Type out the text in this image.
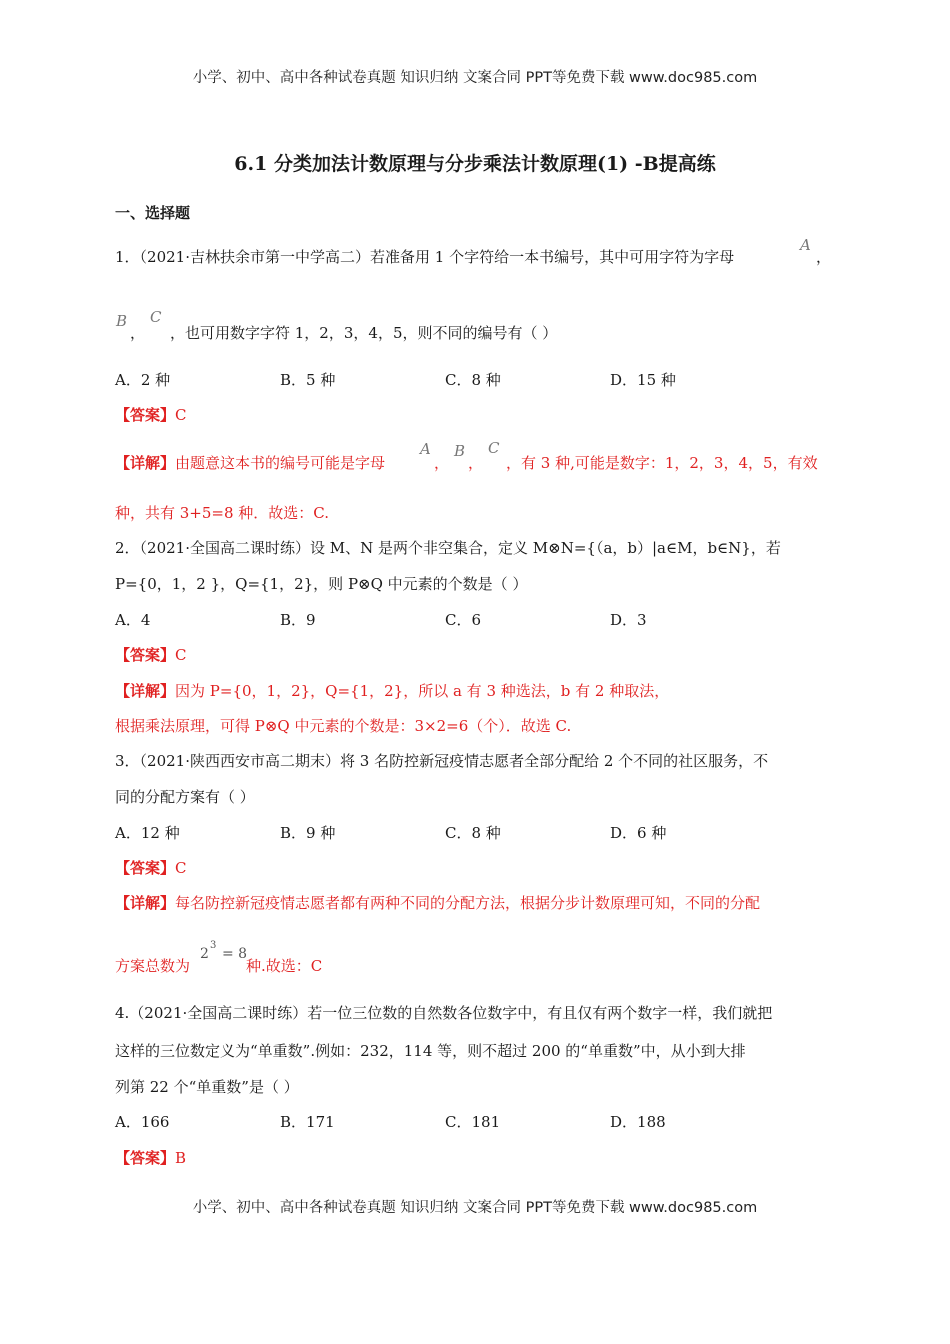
小学、初中、高中各种试卷真题 知识归纳 文案合同 PPT等免费下载 www.doc985.com
6.1 分类加法计数原理与分步乘法计数原理(1) -B提高练
一、选择题
1．（2021·吉林扶余市第一中学高二）若准备用 1 个字符给一本书编号，其中可用字符为字母
A
，
B
，
C
，也可用数字字符 1，2，3，4，5，则不同的编号有（ ）
A．2 种	B．5 种	C．8 种	D．15 种
【答案】C
【详解】由题意这本书的编号可能是字母
A
，
B
，
C
，有 3 种,可能是数字：1，2，3，4，5，有效
种，共有 3+5=8 种．故选：C.
2．（2021·全国高二课时练）设 M、N 是两个非空集合，定义 M⊗N={（a，b）|a∈M，b∈N}，若
P={0，1，2 }，Q={1，2}，则 P⊗Q 中元素的个数是（ ）
A．4	B．9	C．6	D．3
【答案】C
【详解】因为 P={0，1，2}，Q={1，2}，所以 a 有 3 种选法，b 有 2 种取法，
根据乘法原理，可得 P⊗Q 中元素的个数是：3×2=6（个）．故选 C.
3．（2021·陕西西安市高二期末）将 3 名防控新冠疫情志愿者全部分配给 2 个不同的社区服务，不
同的分配方案有（ ）
A．12 种	B．9 种	C．8 种	D．6 种
【答案】C
【详解】每名防控新冠疫情志愿者都有两种不同的分配方法，根据分步计数原理可知，不同的分配
方案总数为
2
3
= 8
种.故选：C
4.（2021·全国高二课时练）若一位三位数的自然数各位数字中，有且仅有两个数字一样，我们就把
这样的三位数定义为“单重数”.例如：232，114 等，则不超过 200 的“单重数”中，从小到大排
列第 22 个“单重数”是（ ）
A．166	B．171	C．181	D．188
【答案】B
小学、初中、高中各种试卷真题 知识归纳 文案合同 PPT等免费下载 www.doc985.com
